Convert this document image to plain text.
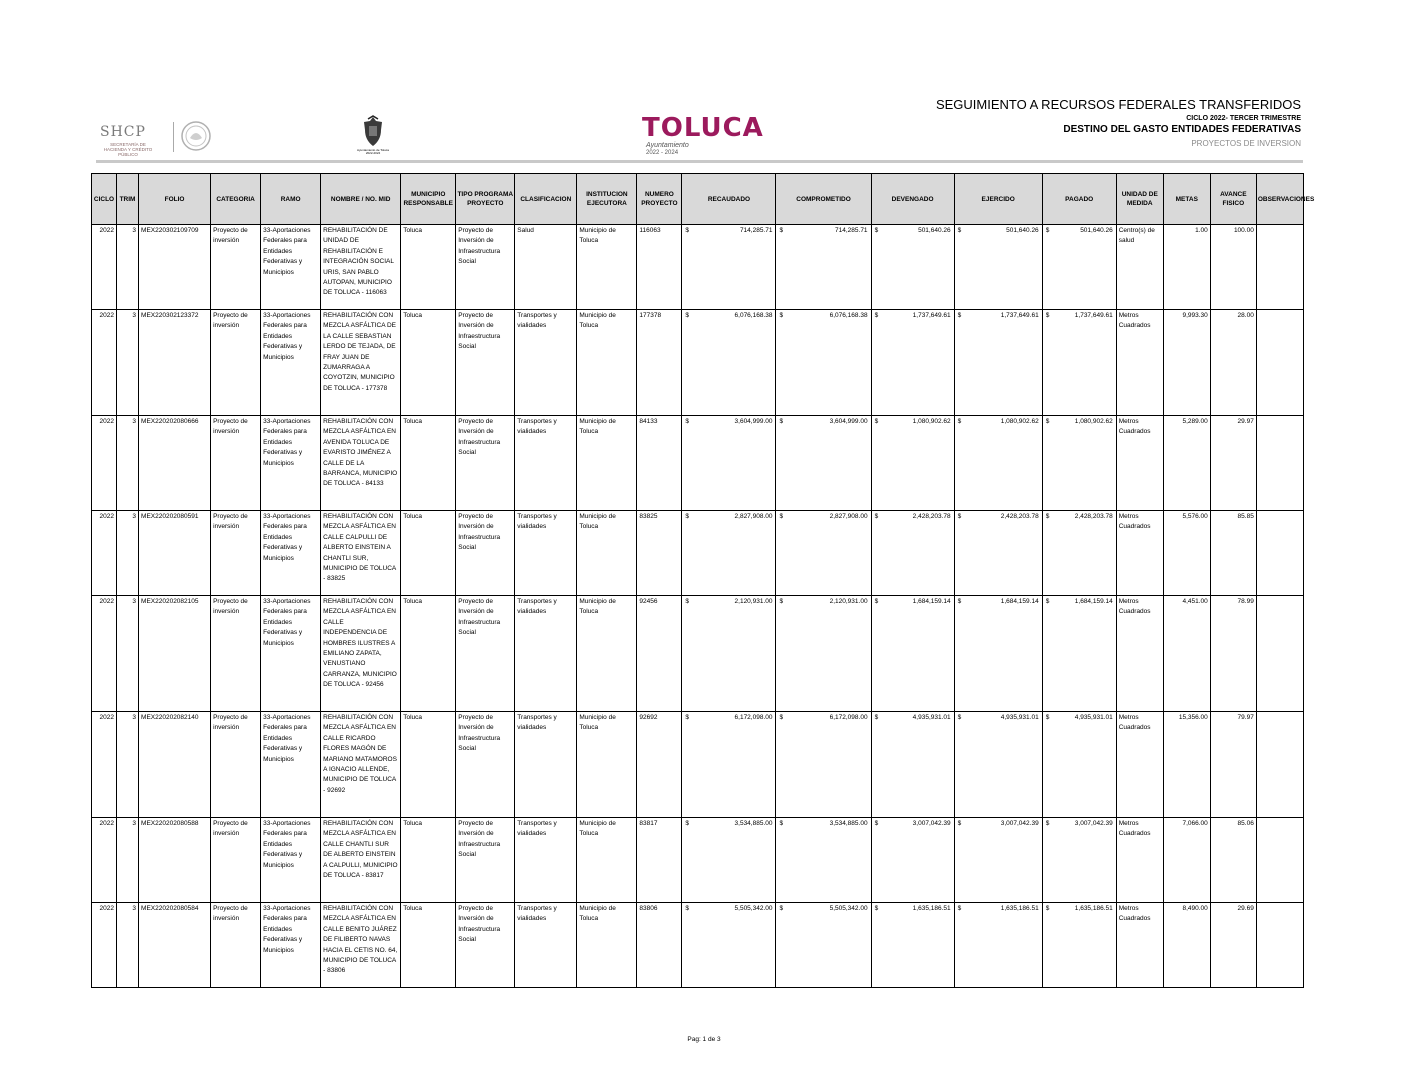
SHCP
SECRETARÍA DE HACIENDA Y CRÉDITO PÚBLICO
Ayuntamiento de Toluca 2022-2024
TOLUCA
Ayuntamiento
2022 - 2024
SEGUIMIENTO A RECURSOS FEDERALES TRANSFERIDOS
CICLO 2022- TERCER TRIMESTRE
DESTINO DEL GASTO ENTIDADES FEDERATIVAS
PROYECTOS DE INVERSION
CICLO	TRIM	FOLIO	CATEGORIA	RAMO	NOMBRE / NO. MID	MUNICIPIO RESPONSABLE	TIPO PROGRAMA PROYECTO	CLASIFICACION	INSTITUCION EJECUTORA	NUMERO PROYECTO	RECAUDADO	COMPROMETIDO	DEVENGADO	EJERCIDO	PAGADO	UNIDAD DE MEDIDA	METAS	AVANCE FISICO	OBSERVACIONES
2022	3	MEX220302109709	Proyecto de inversión	33-Aportaciones Federales para Entidades Federativas y Municipios	REHABILITACIÓN DE UNIDAD DE REHABILITACIÓN E INTEGRACIÓN SOCIAL URIS, SAN PABLO AUTOPAN, MUNICIPIO DE TOLUCA - 116063	Toluca	Proyecto de Inversión de Infraestructura Social	Salud	Municipio de Toluca	116063	$ 714,285.71	$ 714,285.71	$ 501,640.26	$ 501,640.26	$ 501,640.26	Centro(s) de salud	1.00	100.00	
2022	3	MEX220302123372	Proyecto de inversión	33-Aportaciones Federales para Entidades Federativas y Municipios	REHABILITACIÓN CON MEZCLA ASFÁLTICA DE LA CALLE SEBASTIAN LERDO DE TEJADA, DE FRAY JUAN DE ZUMARRAGA A COYOTZIN, MUNICIPIO DE TOLUCA - 177378	Toluca	Proyecto de Inversión de Infraestructura Social	Transportes y vialidades	Municipio de Toluca	177378	$ 6,076,168.38	$ 6,076,168.38	$ 1,737,649.61	$ 1,737,649.61	$ 1,737,649.61	Metros Cuadrados	9,993.30	28.00	
2022	3	MEX220202080666	Proyecto de inversión	33-Aportaciones Federales para Entidades Federativas y Municipios	REHABILITACIÓN CON MEZCLA ASFÁLTICA EN AVENIDA TOLUCA DE EVARISTO JIMÉNEZ A CALLE DE LA BARRANCA, MUNICIPIO DE TOLUCA - 84133	Toluca	Proyecto de Inversión de Infraestructura Social	Transportes y vialidades	Municipio de Toluca	84133	$ 3,604,999.00	$ 3,604,999.00	$ 1,080,902.62	$ 1,080,902.62	$ 1,080,902.62	Metros Cuadrados	5,289.00	29.97	
2022	3	MEX220202080591	Proyecto de inversión	33-Aportaciones Federales para Entidades Federativas y Municipios	REHABILITACIÓN CON MEZCLA ASFÁLTICA EN CALLE CALPULLI DE ALBERTO EINSTEIN A CHANTLI SUR, MUNICIPIO DE TOLUCA - 83825	Toluca	Proyecto de Inversión de Infraestructura Social	Transportes y vialidades	Municipio de Toluca	83825	$ 2,827,908.00	$ 2,827,908.00	$ 2,428,203.78	$ 2,428,203.78	$ 2,428,203.78	Metros Cuadrados	5,576.00	85.85	
2022	3	MEX220202082105	Proyecto de inversión	33-Aportaciones Federales para Entidades Federativas y Municipios	REHABILITACIÓN CON MEZCLA ASFÁLTICA EN CALLE INDEPENDENCIA DE HOMBRES ILUSTRES A EMILIANO ZAPATA, VENUSTIANO CARRANZA, MUNICIPIO DE TOLUCA - 92456	Toluca	Proyecto de Inversión de Infraestructura Social	Transportes y vialidades	Municipio de Toluca	92456	$ 2,120,931.00	$ 2,120,931.00	$ 1,684,159.14	$ 1,684,159.14	$ 1,684,159.14	Metros Cuadrados	4,451.00	78.99	
2022	3	MEX220202082140	Proyecto de inversión	33-Aportaciones Federales para Entidades Federativas y Municipios	REHABILITACIÓN CON MEZCLA ASFÁLTICA EN CALLE RICARDO FLORES MAGÓN DE MARIANO MATAMOROS A IGNACIO ALLENDE, MUNICIPIO DE TOLUCA - 92692	Toluca	Proyecto de Inversión de Infraestructura Social	Transportes y vialidades	Municipio de Toluca	92692	$ 6,172,098.00	$ 6,172,098.00	$ 4,935,931.01	$ 4,935,931.01	$ 4,935,931.01	Metros Cuadrados	15,356.00	79.97	
2022	3	MEX220202080588	Proyecto de inversión	33-Aportaciones Federales para Entidades Federativas y Municipios	REHABILITACIÓN CON MEZCLA ASFÁLTICA EN CALLE CHANTLI SUR DE ALBERTO EINSTEIN A CALPULLI, MUNICIPIO DE TOLUCA - 83817	Toluca	Proyecto de Inversión de Infraestructura Social	Transportes y vialidades	Municipio de Toluca	83817	$ 3,534,885.00	$ 3,534,885.00	$ 3,007,042.39	$ 3,007,042.39	$ 3,007,042.39	Metros Cuadrados	7,066.00	85.06	
2022	3	MEX220202080584	Proyecto de inversión	33-Aportaciones Federales para Entidades Federativas y Municipios	REHABILITACIÓN CON MEZCLA ASFÁLTICA EN CALLE BENITO JUÁREZ DE FILIBERTO NAVAS HACIA EL CETIS NO. 64, MUNICIPIO DE TOLUCA - 83806	Toluca	Proyecto de Inversión de Infraestructura Social	Transportes y vialidades	Municipio de Toluca	83806	$ 5,505,342.00	$ 5,505,342.00	$ 1,635,186.51	$ 1,635,186.51	$ 1,635,186.51	Metros Cuadrados	8,490.00	29.69	
Pag: 1 de 3
